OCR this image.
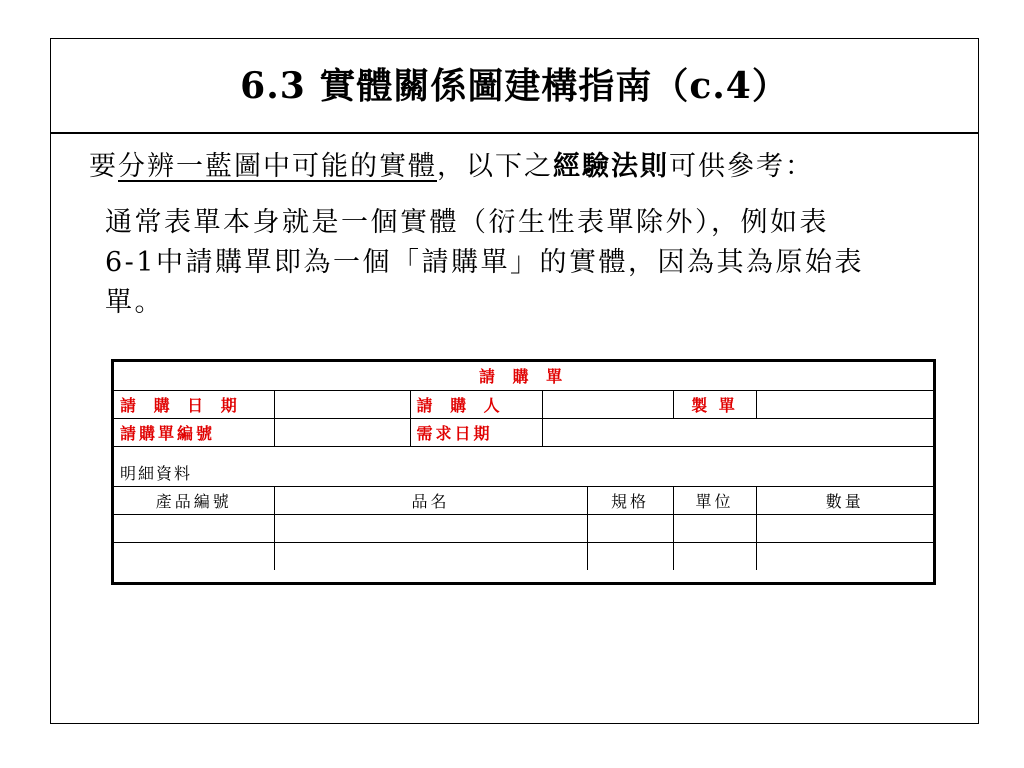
6.3 實體關係圖建構指南（c.4）
要分辨一藍圖中可能的實體，以下之經驗法則可供參考：
通常表單本身就是一個實體（衍生性表單除外），例如表
6-1中請購單即為一個「請購單」的實體，因為其為原始表
單。
請 購 單						
請 購 日 期		請 購 人			製 單	
請購單編號		需求日期				
明細資料						
產品編號	品名			規格	單位	數量
